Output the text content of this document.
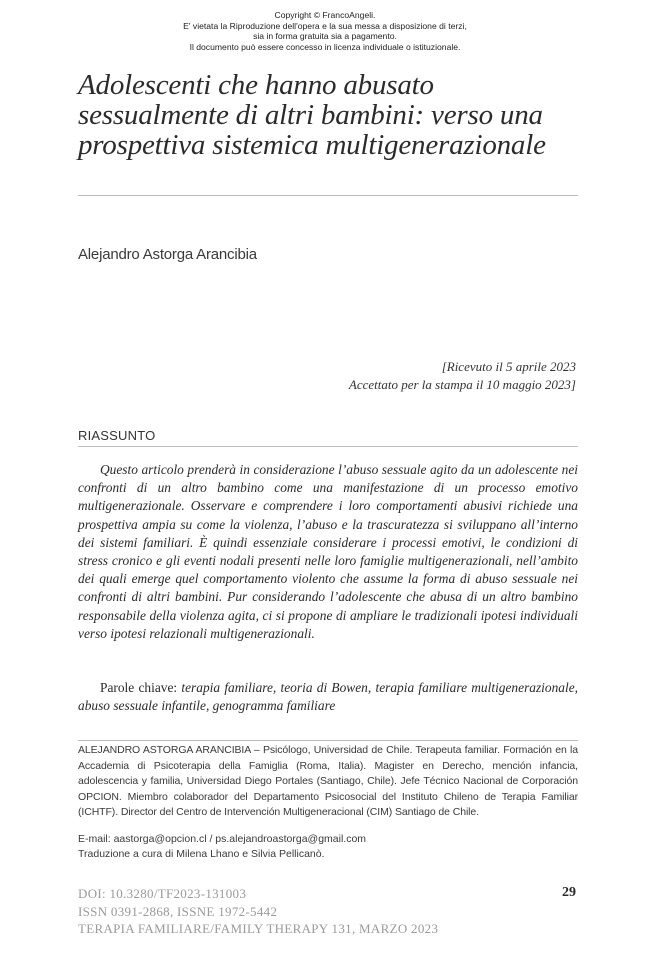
Copyright © FrancoAngeli.
E' vietata la Riproduzione dell'opera e la sua messa a disposizione di terzi,
sia in forma gratuita sia a pagamento.
Il documento può essere concesso in licenza individuale o istituzionale.
Adolescenti che hanno abusato sessualmente di altri bambini: verso una prospettiva sistemica multigenerazionale
Alejandro Astorga Arancibia
[Ricevuto il 5 aprile 2023
Accettato per la stampa il 10 maggio 2023]
RIASSUNTO

Questo articolo prenderà in considerazione l’abuso sessuale agito da un adolescente nei confronti di un altro bambino come una manifestazione di un processo emotivo multigenerazionale. Osservare e comprendere i loro comportamenti abusivi richiede una prospettiva ampia su come la violenza, l’abuso e la trascuratezza si sviluppano all’interno dei sistemi familiari. È quindi essenziale considerare i processi emotivi, le condizioni di stress cronico e gli eventi nodali presenti nelle loro famiglie multigenerazionali, nell’ambito dei quali emerge quel comportamento violento che assume la forma di abuso sessuale nei confronti di altri bambini. Pur considerando l’adolescente che abusa di un altro bambino responsabile della violenza agita, ci si propone di ampliare le tradizionali ipotesi individuali verso ipotesi relazionali multigenerazionali.

Parole chiave: terapia familiare, teoria di Bowen, terapia familiare multigenerazionale, abuso sessuale infantile, genogramma familiare

ALEJANDRO ASTORGA ARANCIBIA – Psicólogo, Universidad de Chile. Terapeuta familiar. Formación en la Accademia di Psicoterapia della Famiglia (Roma, Italia). Magister en Derecho, mención infancia, adolescencia y familia, Universidad Diego Portales (Santiago, Chile). Jefe Técnico Nacional de Corporación OPCION. Miembro colaborador del Departamento Psicosocial del Instituto Chileno de Terapia Familiar (ICHTF). Director del Centro de Intervención Multigeneracional (CIM) Santiago de Chile.

E-mail: aastorga@opcion.cl / ps.alejandroastorga@gmail.com
Traduzione a cura di Milena Lhano e Silvia Pellicanò.
DOI: 10.3280/TF2023-131003
ISSN 0391-2868, ISSNE 1972-5442
TERAPIA FAMILIARE/FAMILY THERAPY 131, MARZO 2023
29
